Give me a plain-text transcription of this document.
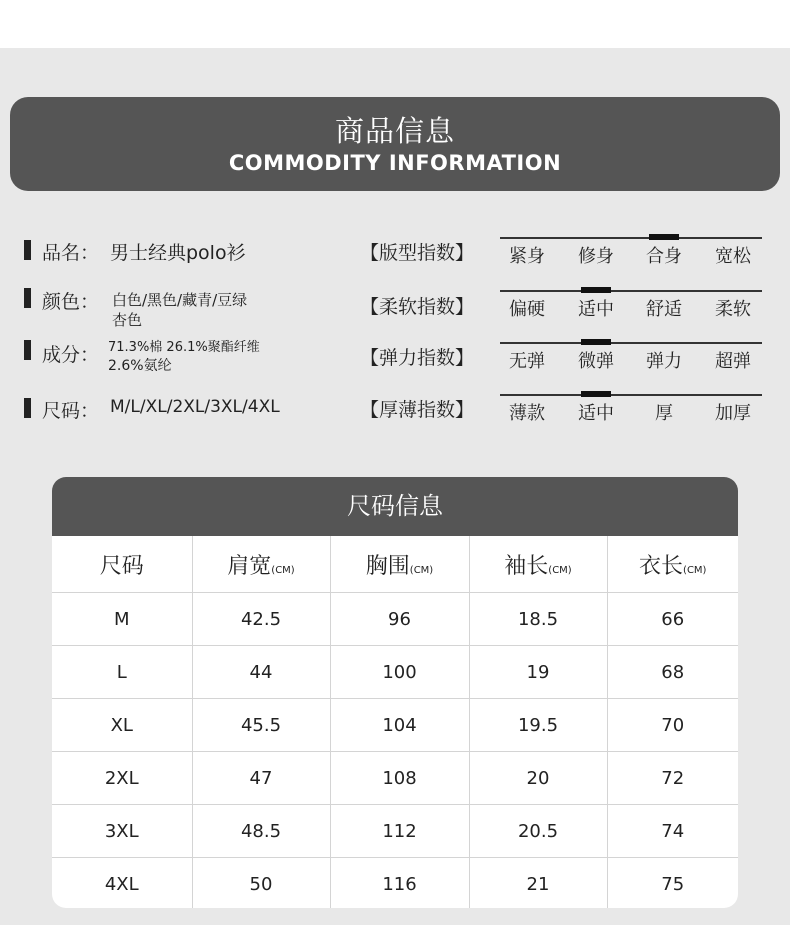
商品信息
COMMODITY INFORMATION
品名： 男士经典polo衫
颜色： 白色/黑色/藏青/豆绿
杏色
成分： 71.3%棉 26.1%聚酯纤维
2.6%氨纶
尺码： M/L/XL/2XL/3XL/4XL
【版型指数】	紧身	修身	合身	宽松
【柔软指数】	偏硬	适中	舒适	柔软
【弹力指数】	无弹	微弹	弹力	超弹
【厚薄指数】	薄款	适中	厚	加厚
尺码信息
尺码	肩宽(CM)	胸围(CM)	袖长(CM)	衣长(CM)
M	42.5	96	18.5	66
L	44	100	19	68
XL	45.5	104	19.5	70
2XL	47	108	20	72
3XL	48.5	112	20.5	74
4XL	50	116	21	75
